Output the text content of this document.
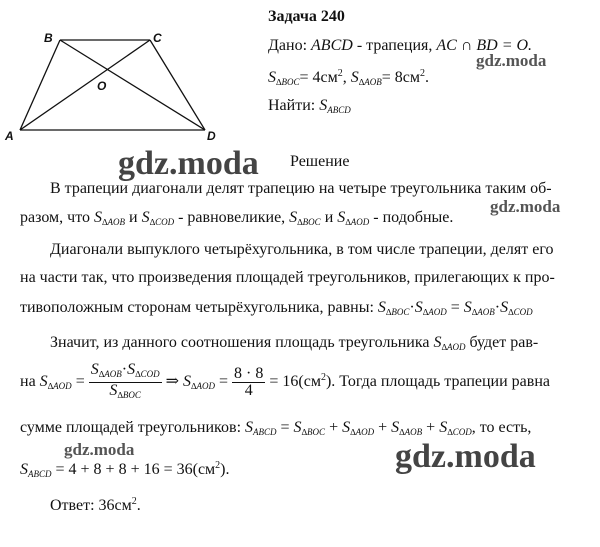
Задача 240
B	C
O
A	D
Дано: ABCD - трапеция, AC ∩ BD = O.
$S_{\Delta BOC}= 4см^2$, $S_{\Delta AOB}= 8см^2$.
Найти: $S_{ABCD}$
Решение
В трапеции диагонали делят трапецию на четыре треугольника таким об-
разом, что $S_{\Delta AOB}$ и $S_{\Delta COD}$ - равновеликие, $S_{\Delta BOC}$ и $S_{\Delta AOD}$ - подобные.
Диагонали выпуклого четырёхугольника, в том числе трапеции, делят его
на части так, что произведения площадей треугольников, прилегающих к про-
тивоположным сторонам четырёхугольника, равны: $S_{\Delta BOC}\cdot S_{\Delta AOD} = S_{\Delta AOB}\cdot S_{\Delta COD}$
Значит, из данного соотношения площадь треугольника $S_{\Delta AOD}$ будет рав-
на $S_{\Delta AOD} = \frac{S_{\Delta AOB}\cdot S_{\Delta COD}}{S_{\Delta BOC}}$ ⇒ $S_{\Delta AOD} = \frac{8 \cdot 8}{4} = 16(см^2)$. Тогда площадь трапеции равна
сумме площадей треугольников: $S_{ABCD} = S_{\Delta BOC} + S_{\Delta AOD} + S_{\Delta AOB} + S_{\Delta COD}$, то есть,
$S_{ABCD} = 4 + 8 + 8 + 16 = 36(см^2)$.
Ответ: $36см^2$.
gdz.moda
gdz.moda
gdz.moda
gdz.moda	gdz.moda
